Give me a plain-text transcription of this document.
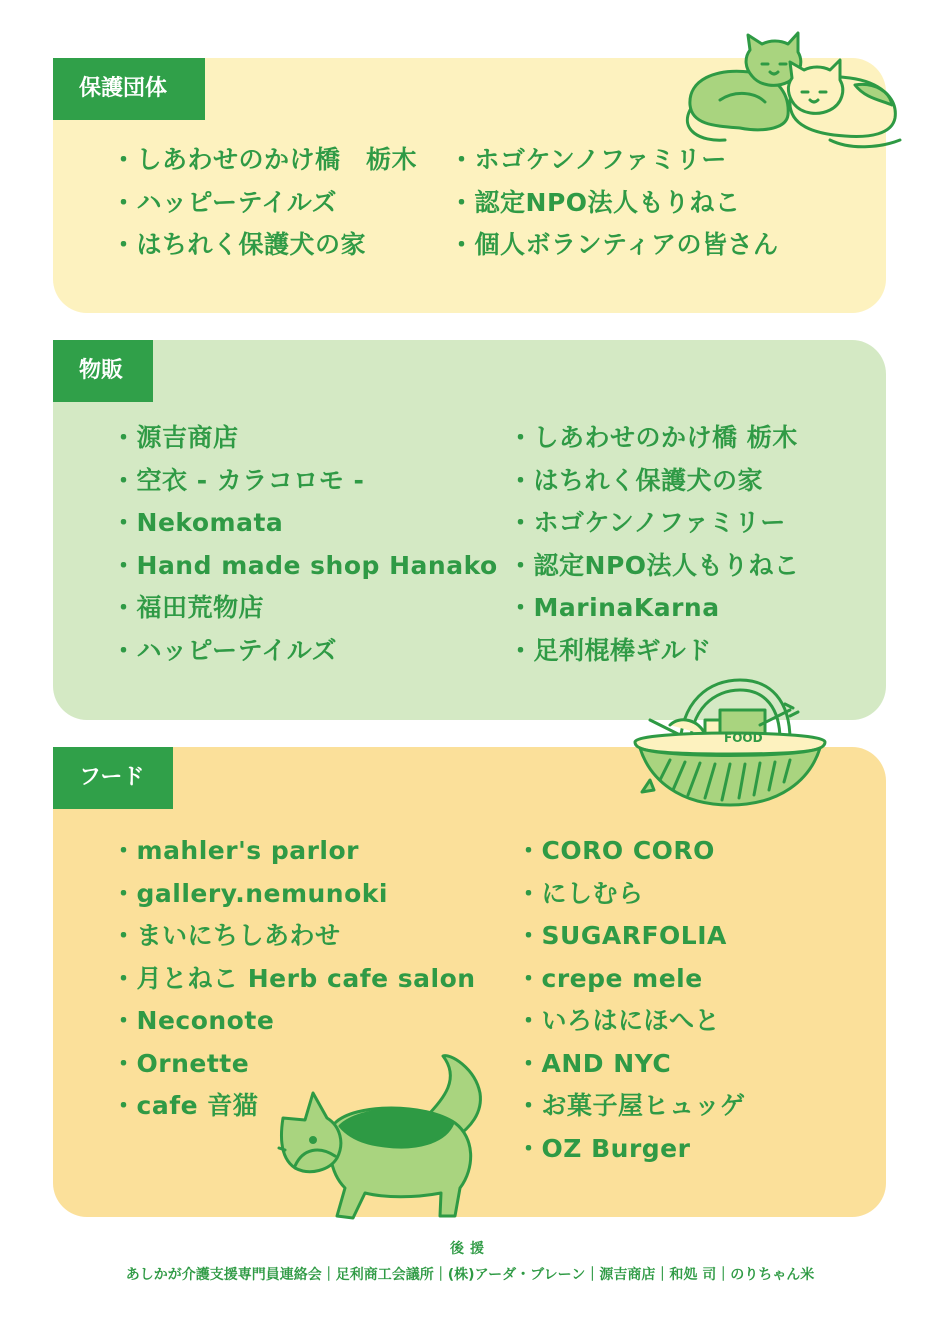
保護団体
・ しあわせのかけ橋　栃木
・ ハッピーテイルズ
・ はちれく保護犬の家
・ ホゴケンノファミリー
・ 認定NPO法人もりねこ
・ 個人ボランティアの皆さん
物販
・ 源吉商店
・ 空衣 - カラコロモ -
・ Nekomata
・ Hand made shop Hanako
・ 福田荒物店
・ ハッピーテイルズ
・ しあわせのかけ橋 栃木
・ はちれく保護犬の家
・ ホゴケンノファミリー
・ 認定NPO法人もりねこ
・ MarinaKarna
・ 足利棍棒ギルド
フード
・ mahler's parlor
・ gallery.nemunoki
・ まいにちしあわせ
・ 月とねこ Herb cafe salon
・ Neconote
・ Ornette
・ cafe 音猫
・ CORO CORO
・ にしむら
・ SUGARFOLIA
・ crepe mele
・ いろはにほへと
・ AND NYC
・ お菓子屋ヒュッゲ
・ OZ Burger
FOOD
後援
あしかが介護支援専門員連絡会｜足利商工会議所｜(株)アーダ・ブレーン｜源吉商店｜和処 司｜のりちゃん米
